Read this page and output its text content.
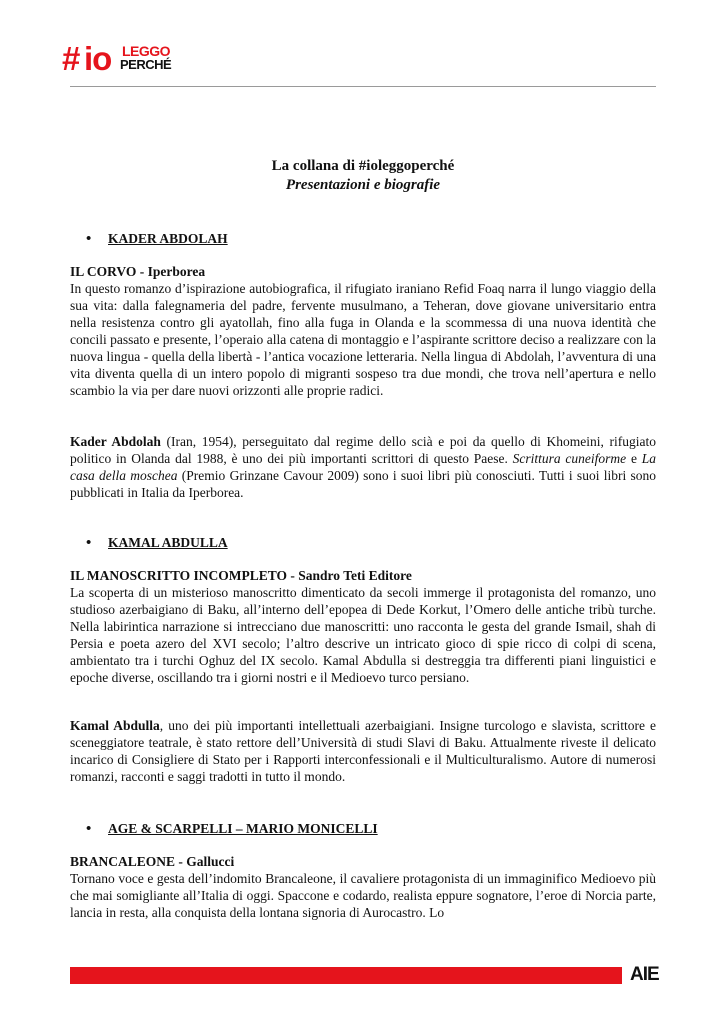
# io LEGGO
PERCHÉ
La collana di #ioleggoperché
Presentazioni e biografie
• KADER ABDOLAH
IL CORVO - Iperborea
In questo romanzo d’ispirazione autobiografica, il rifugiato iraniano Refid Foaq narra il lungo viaggio della sua vita: dalla falegnameria del padre, fervente musulmano, a Teheran, dove giovane universitario entra nella resistenza contro gli ayatollah, fino alla fuga in Olanda e la scommessa di una nuova identità che concili passato e presente, l’operaio alla catena di montaggio e l’aspirante scrittore deciso a realizzare con la nuova lingua - quella della libertà - l’antica vocazione letteraria. Nella lingua di Abdolah, l’avventura di una vita diventa quella di un intero popolo di migranti sospeso tra due mondi, che trova nell’apertura e nello scambio la via per dare nuovi orizzonti alle proprie radici.
Kader Abdolah (Iran, 1954), perseguitato dal regime dello scià e poi da quello di Khomeini, rifugiato politico in Olanda dal 1988, è uno dei più importanti scrittori di questo Paese. Scrittura cuneiforme e La casa della moschea (Premio Grinzane Cavour 2009) sono i suoi libri più conosciuti. Tutti i suoi libri sono pubblicati in Italia da Iperborea.
• KAMAL ABDULLA
IL MANOSCRITTO INCOMPLETO - Sandro Teti Editore
La scoperta di un misterioso manoscritto dimenticato da secoli immerge il protagonista del romanzo, uno studioso azerbaigiano di Baku, all’interno dell’epopea di Dede Korkut, l’Omero delle antiche tribù turche. Nella labirintica narrazione si intrecciano due manoscritti: uno racconta le gesta del grande Ismail, shah di Persia e poeta azero del XVI secolo; l’altro descrive un intricato gioco di spie ricco di colpi di scena, ambientato tra i turchi Oghuz del IX secolo. Kamal Abdulla si destreggia tra differenti piani linguistici e epoche diverse, oscillando tra i giorni nostri e il Medioevo turco persiano.
Kamal Abdulla, uno dei più importanti intellettuali azerbaigiani. Insigne turcologo e slavista, scrittore e sceneggiatore teatrale, è stato rettore dell’Università di studi Slavi di Baku. Attualmente riveste il delicato incarico di Consigliere di Stato per i Rapporti interconfessionali e il Multiculturalismo. Autore di numerosi romanzi, racconti e saggi tradotti in tutto il mondo.
• AGE & SCARPELLI – MARIO MONICELLI
BRANCALEONE - Gallucci
Tornano voce e gesta dell’indomito Brancaleone, il cavaliere protagonista di un immaginifico Medioevo più che mai somigliante all’Italia di oggi. Spaccone e codardo, realista eppure sognatore, l’eroe di Norcia parte, lancia in resta, alla conquista della lontana signoria di Aurocastro. Lo
AIE
